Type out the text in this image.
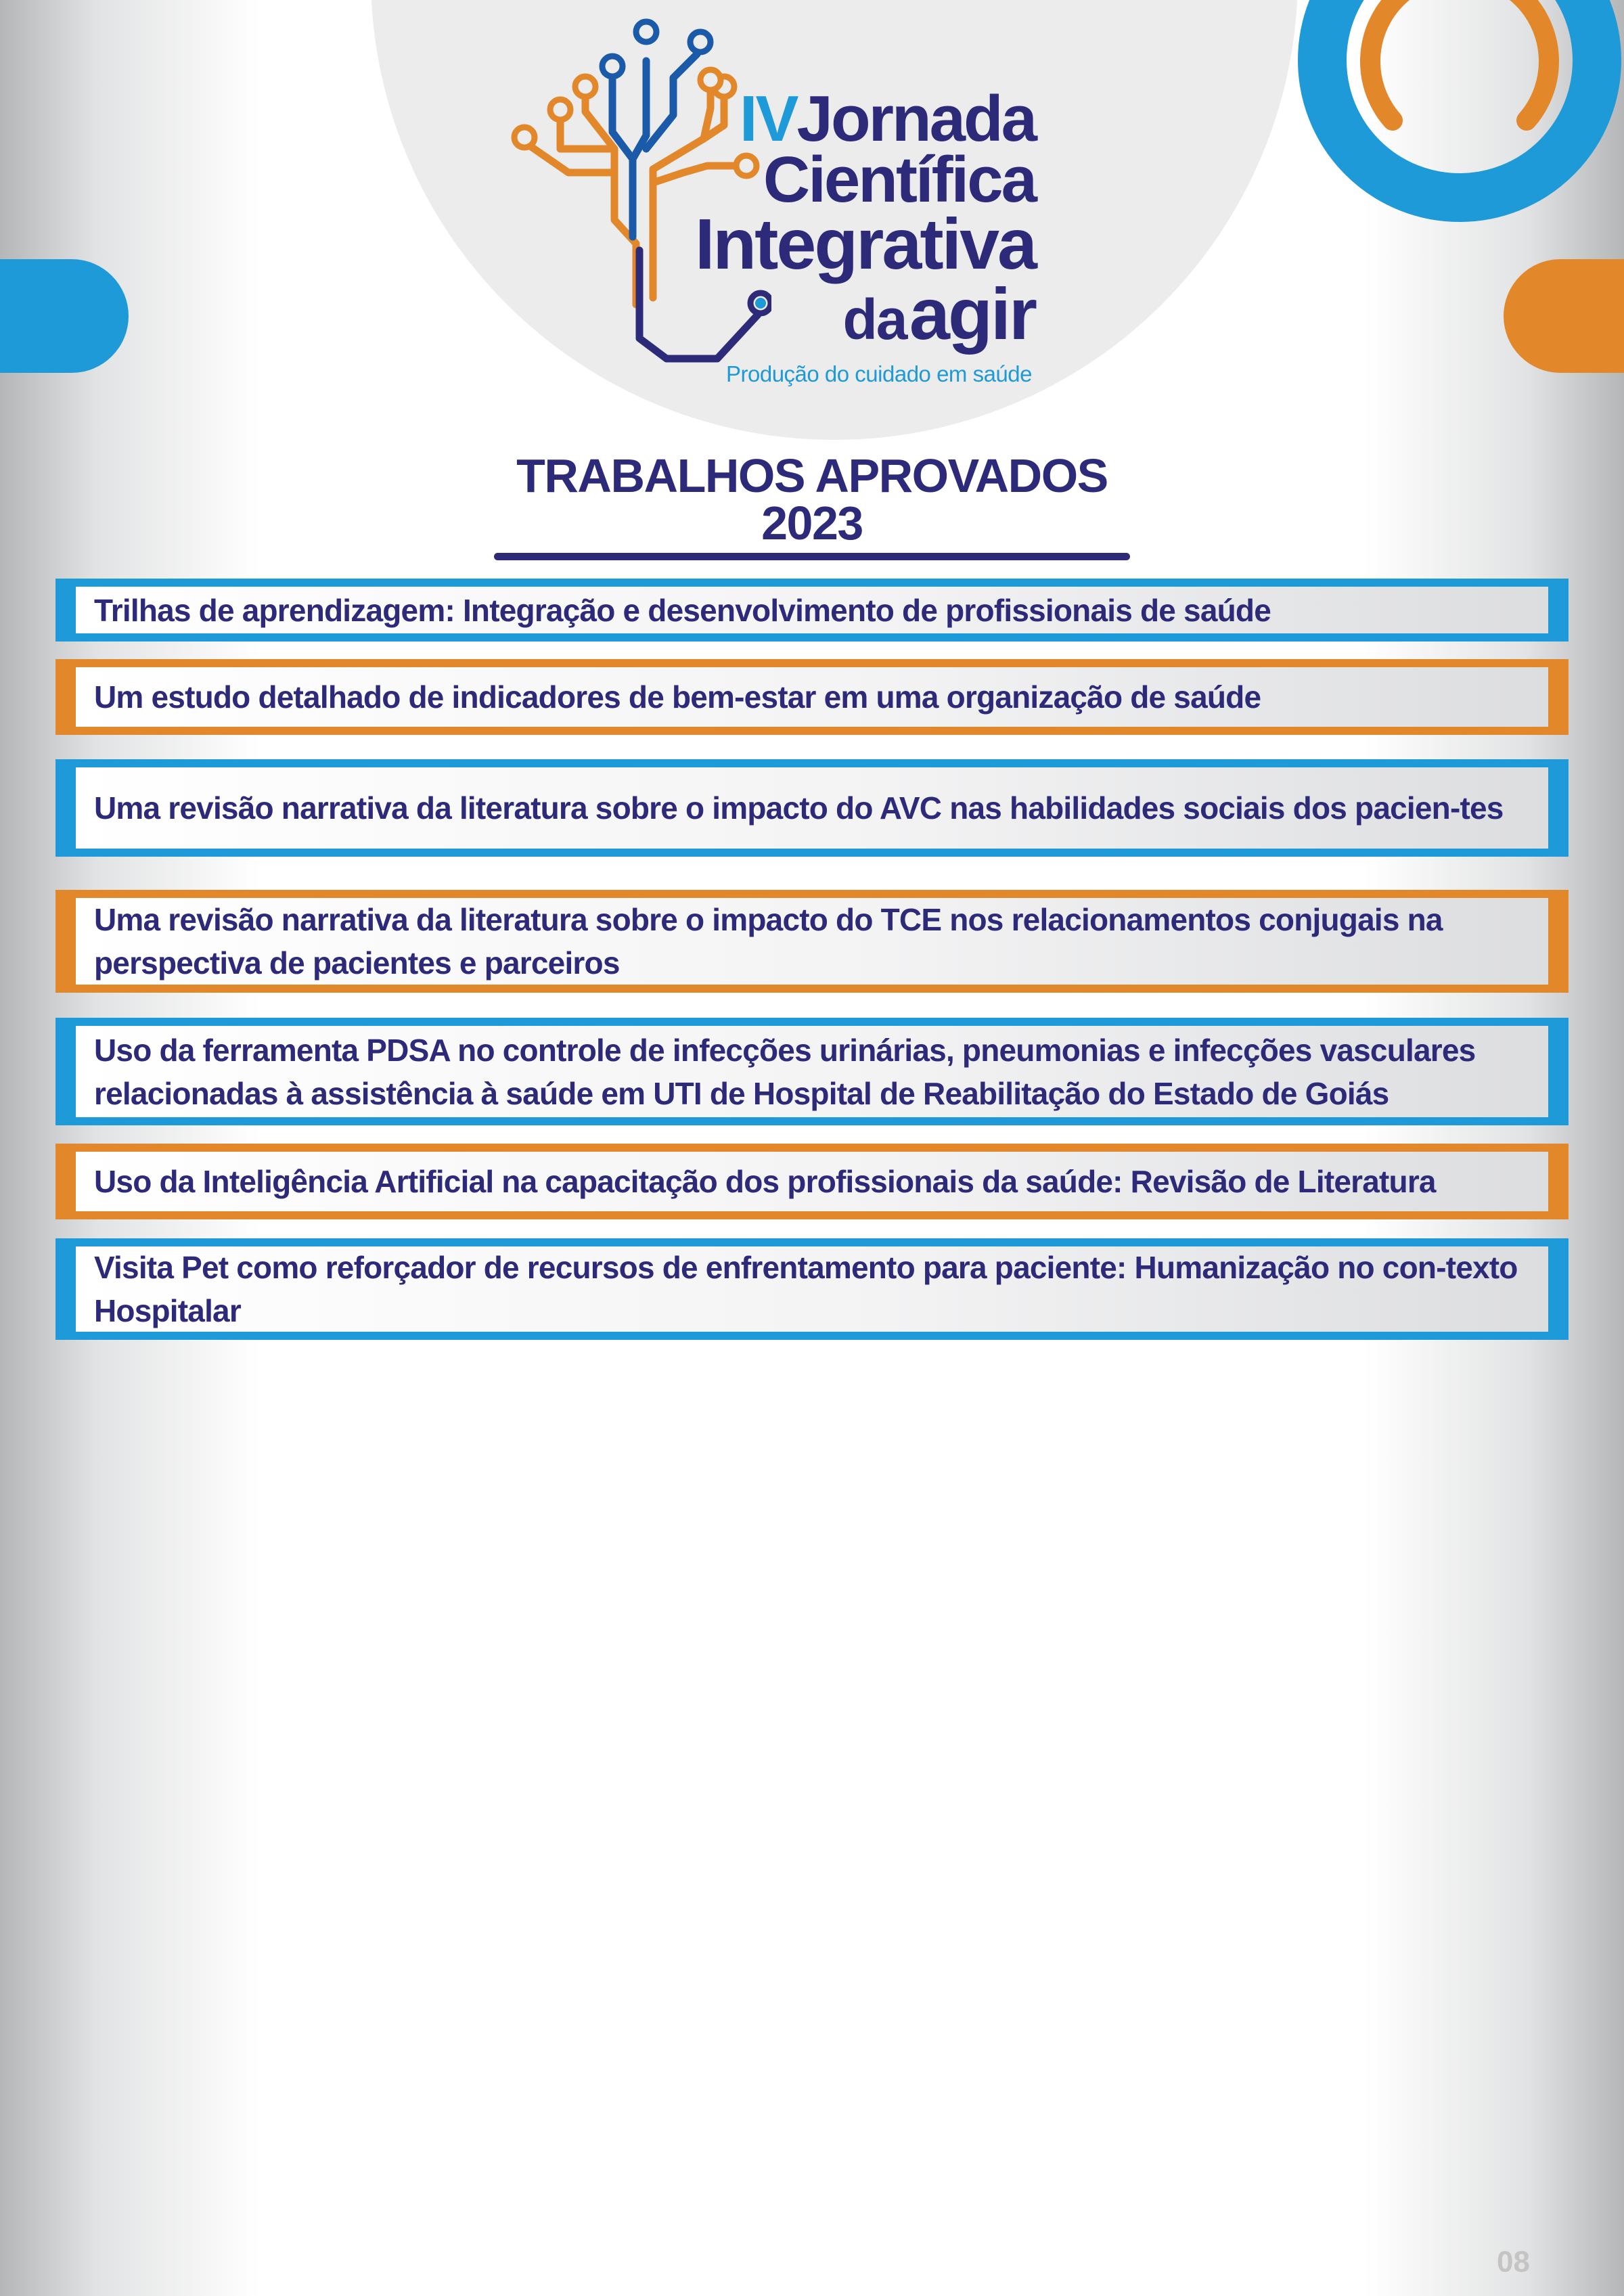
IVJornada
Científica
Integrativa
da agir
Produção do cuidado em saúde
TRABALHOS APROVADOS
2023
Trilhas de aprendizagem: Integração e desenvolvimento de profissionais de saúde
Um estudo detalhado de indicadores de bem-estar em uma organização de saúde
Uma revisão narrativa da literatura sobre o impacto do AVC nas habilidades sociais dos pacien-tes
Uma revisão narrativa da literatura sobre o impacto do TCE nos relacionamentos conjugais na perspectiva de pacientes e parceiros
Uso da ferramenta PDSA no controle de infecções urinárias, pneumonias e infecções vasculares relacionadas à assistência à saúde em UTI de Hospital de Reabilitação do Estado de Goiás
Uso da Inteligência Artificial na capacitação dos profissionais da saúde: Revisão de Literatura
Visita Pet como reforçador de recursos de enfrentamento para paciente: Humanização no con-texto Hospitalar
08
